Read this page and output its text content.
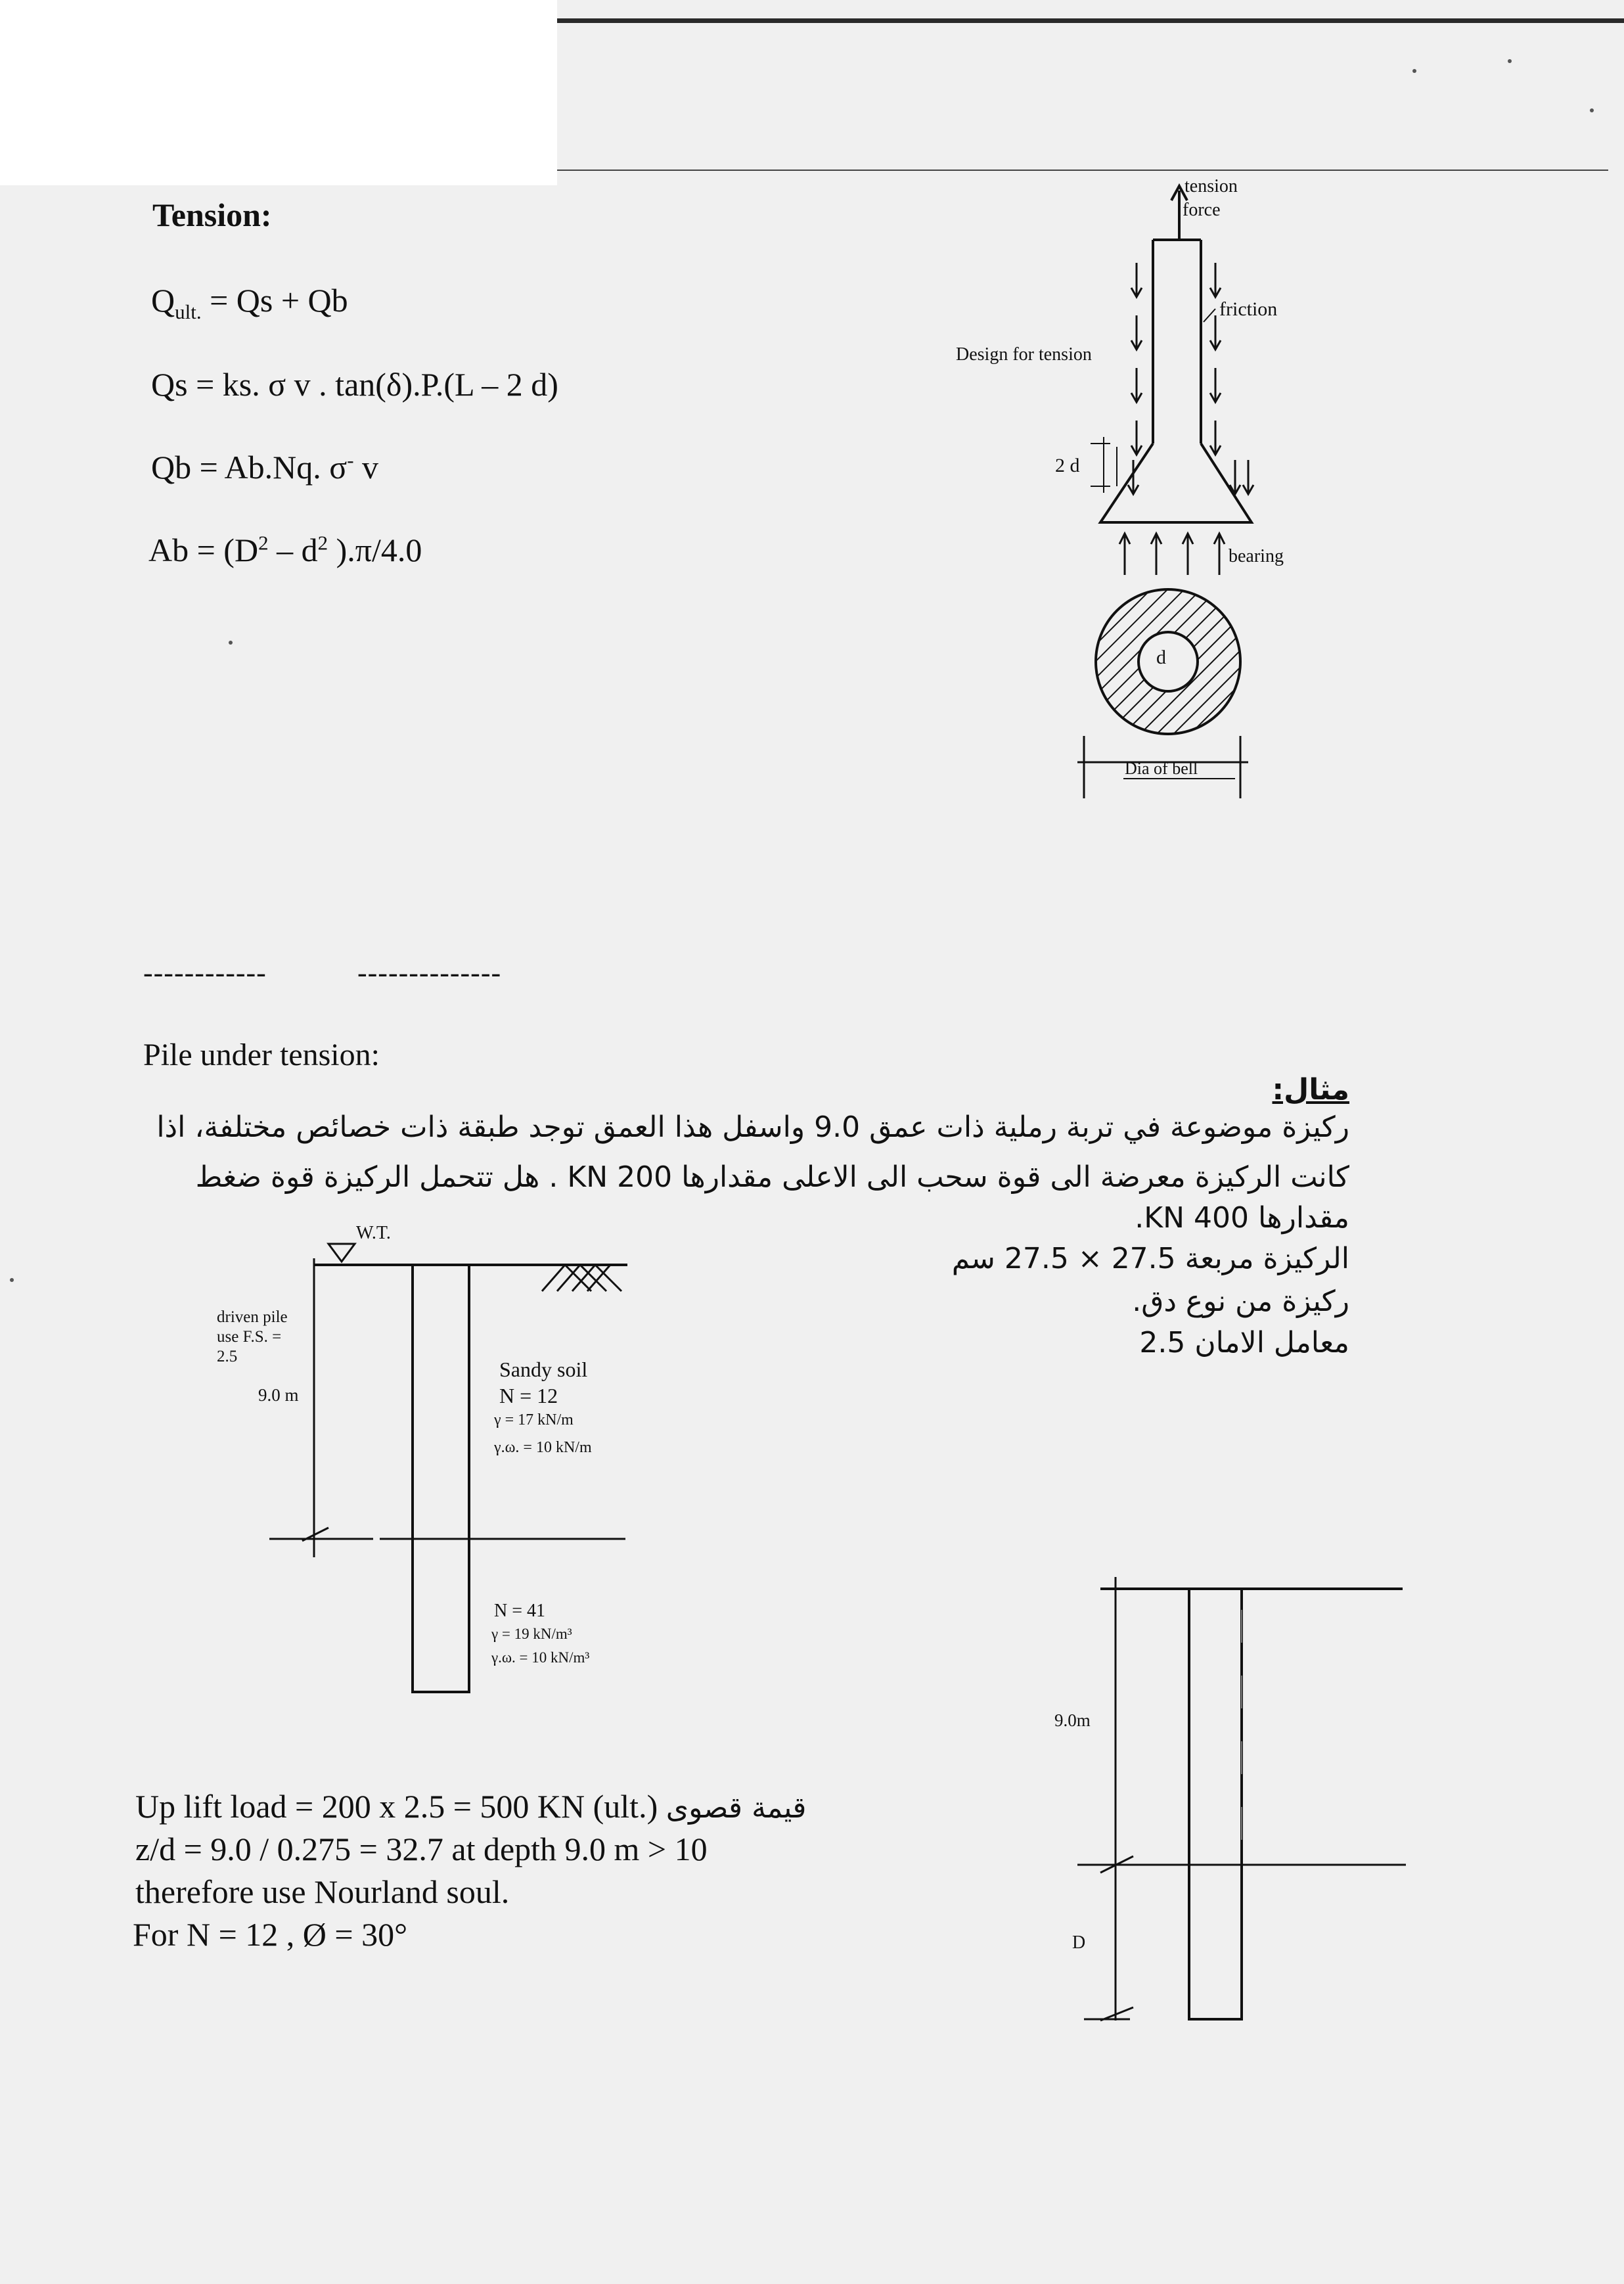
Tension:
$Q_{ult.} = Qs + Qb$
Qs = ks. σ v . tan(δ).P.(L – 2 d)
Qb = Ab.Nq. σ- v
$Ab = (D^2 - d^2$ ).π/4.0
------------	--------------
Pile under tension:
مثال:
ركيزة موضوعة في تربة رملية ذات عمق 9.0 واسفل هذا العمق توجد طبقة ذات خصائص مختلفة، اذا
كانت الركيزة معرضة الى قوة سحب الى الاعلى مقدارها 200 KN . هل تتحمل الركيزة قوة ضغط
مقدارها 400 KN.
الركيزة مربعة 27.5 × 27.5 سم
ركيزة من نوع دق.
معامل الامان 2.5
Up lift load = 200 x 2.5 = 500 KN (ult.) قيمة قصوى
z/d = 9.0 / 0.275 = 32.7 at depth 9.0 m > 10
therefore use Nourland soul.
For N = 12 , Ø = 30°
tension
force
friction
Design for tension
2 d
bearing
d
Dia of bell
W.T.
driven pile
use F.S. =
2.5
9.0 m
Sandy soil
N = 12
γ = 17 kN/m
γ.ω. = 10 kN/m
N = 41
γ = 19 kN/m³
γ.ω. = 10 kN/m³
9.0m
D
